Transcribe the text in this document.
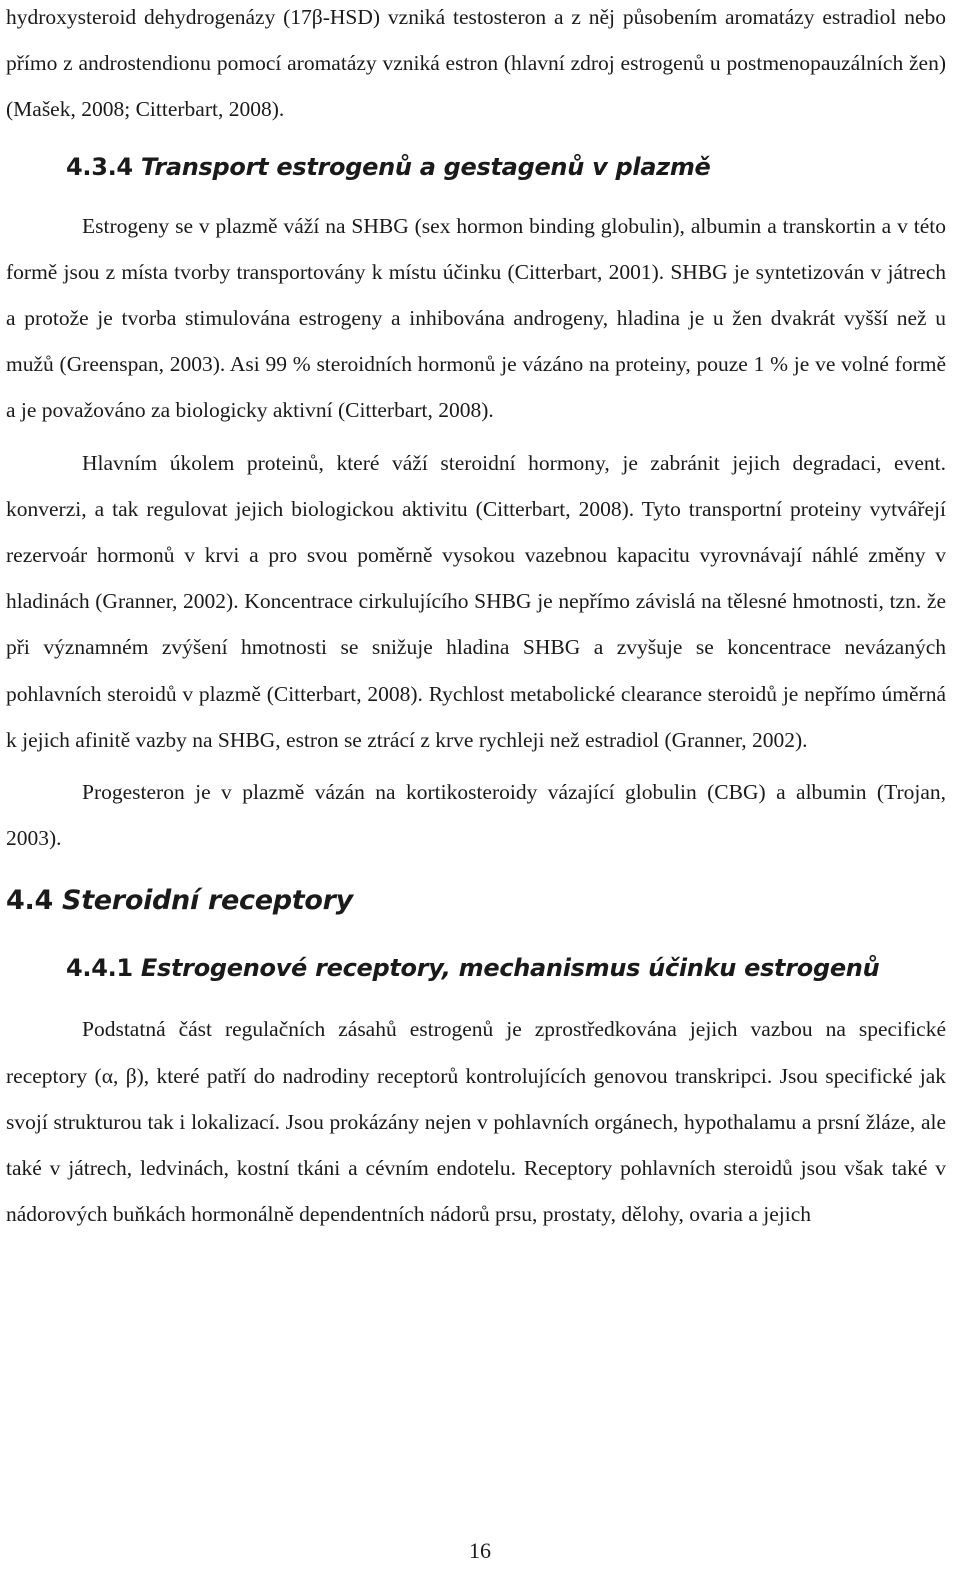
hydroxysteroid dehydrogenázy (17β-HSD) vzniká testosteron a z něj působením aromatázy estradiol nebo přímo z androstendionu pomocí aromatázy vzniká estron (hlavní zdroj estrogenů u postmenopauzálních žen) (Mašek, 2008; Citterbart, 2008).

4.3.4 Transport estrogenů a gestagenů v plazmě

Estrogeny se v plazmě váží na SHBG (sex hormon binding globulin), albumin a transkortin a v této formě jsou z místa tvorby transportovány k místu účinku (Citterbart, 2001). SHBG je syntetizován v játrech a protože je tvorba stimulována estrogeny a inhibována androgeny, hladina je u žen dvakrát vyšší než u mužů (Greenspan, 2003). Asi 99 % steroidních hormonů je vázáno na proteiny, pouze 1 % je ve volné formě a je považováno za biologicky aktivní (Citterbart, 2008).

Hlavním úkolem proteinů, které váží steroidní hormony, je zabránit jejich degradaci, event. konverzi, a tak regulovat jejich biologickou aktivitu (Citterbart, 2008). Tyto transportní proteiny vytvářejí rezervoár hormonů v krvi a pro svou poměrně vysokou vazebnou kapacitu vyrovnávají náhlé změny v hladinách (Granner, 2002). Koncentrace cirkulujícího SHBG je nepřímo závislá na tělesné hmotnosti, tzn. že při významném zvýšení hmotnosti se snižuje hladina SHBG a zvyšuje se koncentrace nevázaných pohlavních steroidů v plazmě (Citterbart, 2008). Rychlost metabolické clearance steroidů je nepřímo úměrná k jejich afinitě vazby na SHBG, estron se ztrácí z krve rychleji než estradiol (Granner, 2002).

Progesteron je v plazmě vázán na kortikosteroidy vázající globulin (CBG) a albumin (Trojan, 2003).

4.4 Steroidní receptory
4.4.1 Estrogenové receptory, mechanismus účinku estrogenů

Podstatná část regulačních zásahů estrogenů je zprostředkována jejich vazbou na specifické receptory (α, β), které patří do nadrodiny receptorů kontrolujících genovou transkripci. Jsou specifické jak svojí strukturou tak i lokalizací. Jsou prokázány nejen v pohlavních orgánech, hypothalamu a prsní žláze, ale také v játrech, ledvinách, kostní tkáni a cévním endotelu. Receptory pohlavních steroidů jsou však také v nádorových buňkách hormonálně dependentních nádorů prsu, prostaty, dělohy, ovaria a jejich

16
